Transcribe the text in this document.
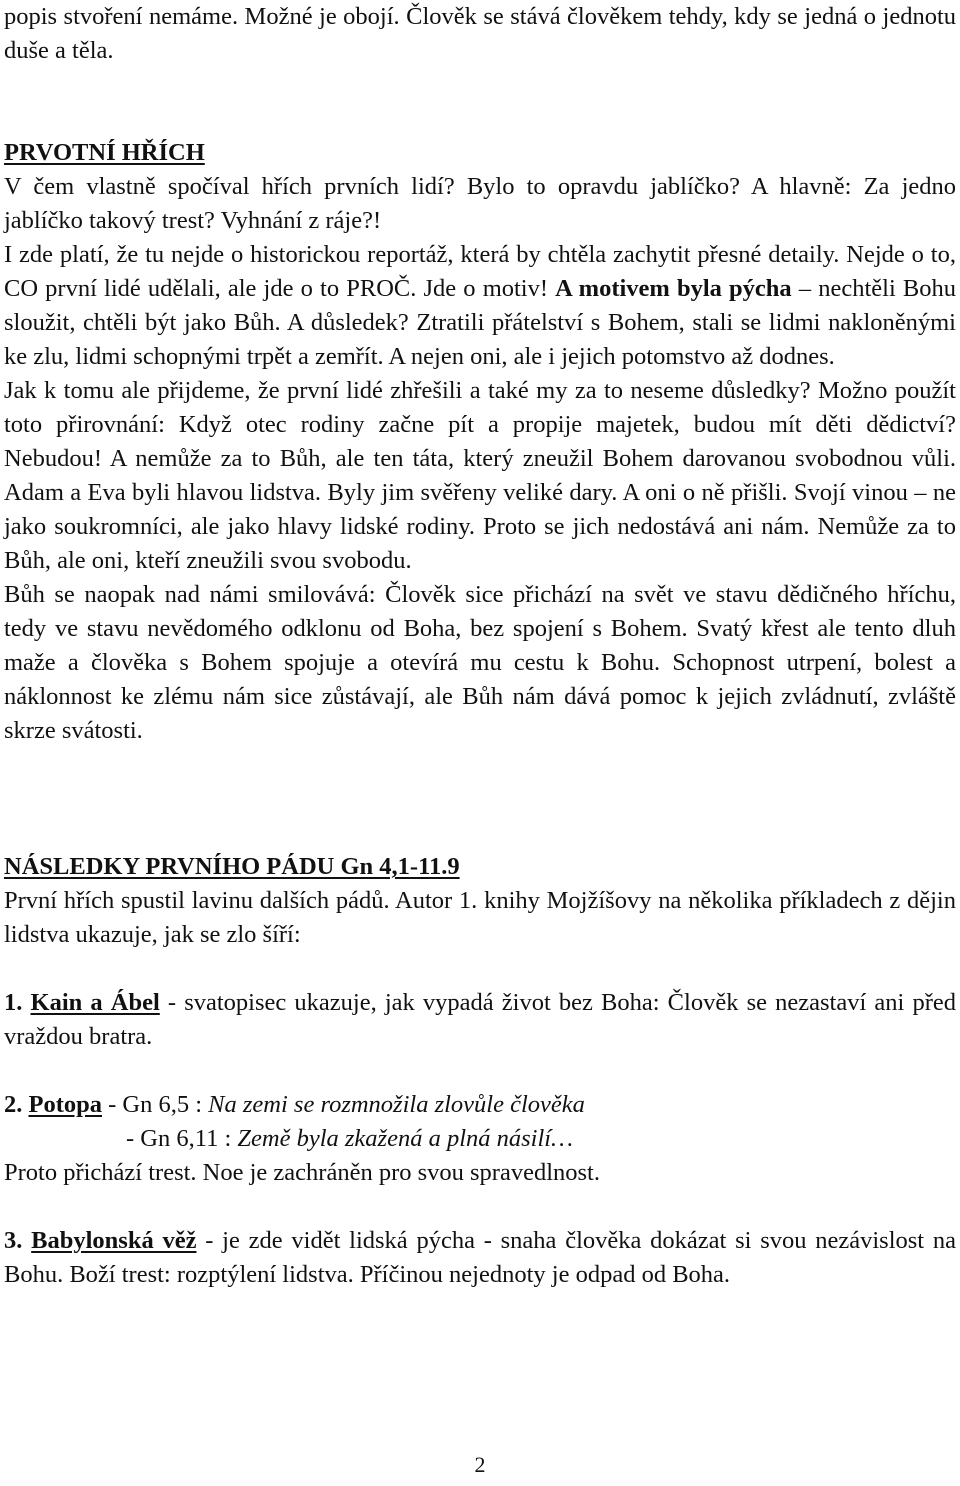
popis stvoření nemáme. Možné je obojí. Člověk se stává člověkem tehdy, kdy se jedná o jednotu duše a těla.

PRVOTNÍ HŘÍCH

V čem vlastně spočíval hřích prvních lidí? Bylo to opravdu jablíčko? A hlavně: Za jedno jablíčko takový trest? Vyhnání z ráje?!

I zde platí, že tu nejde o historickou reportáž, která by chtěla zachytit přesné detaily. Nejde o to, CO první lidé udělali, ale jde o to PROČ. Jde o motiv! A motivem byla pýcha – nechtěli Bohu sloužit, chtěli být jako Bůh. A důsledek? Ztratili přátelství s Bohem, stali se lidmi nakloněnými ke zlu, lidmi schopnými trpět a zemřít. A nejen oni, ale i jejich potomstvo až dodnes.

Jak k tomu ale přijdeme, že první lidé zhřešili a také my za to neseme důsledky? Možno použít toto přirovnání: Když otec rodiny začne pít a propije majetek, budou mít děti dědictví? Nebudou! A nemůže za to Bůh, ale ten táta, který zneužil Bohem darovanou svobodnou vůli. Adam a Eva byli hlavou lidstva. Byly jim svěřeny veliké dary. A oni o ně přišli. Svojí vinou – ne jako soukromníci, ale jako hlavy lidské rodiny. Proto se jich nedostává ani nám. Nemůže za to Bůh, ale oni, kteří zneužili svou svobodu.

Bůh se naopak nad námi smilovává: Člověk sice přichází na svět ve stavu dědičného hříchu, tedy ve stavu nevědomého odklonu od Boha, bez spojení s Bohem. Svatý křest ale tento dluh maže a člověka s Bohem spojuje a otevírá mu cestu k Bohu. Schopnost utrpení, bolest a náklonnost ke zlému nám sice zůstávají, ale Bůh nám dává pomoc k jejich zvládnutí, zvláště skrze svátosti.

NÁSLEDKY PRVNÍHO PÁDU Gn 4,1-11.9

První hřích spustil lavinu dalších pádů. Autor 1. knihy Mojžíšovy na několika příkladech z dějin lidstva ukazuje, jak se zlo šíří:

1. Kain a Ábel - svatopisec ukazuje, jak vypadá život bez Boha: Člověk se nezastaví ani před vraždou bratra.

2. Potopa - Gn 6,5 : Na zemi se rozmnožila zlovůle člověka

- Gn 6,11 : Země byla zkažená a plná násilí…

Proto přichází trest. Noe je zachráněn pro svou spravedlnost.

3. Babylonská věž - je zde vidět lidská pýcha - snaha člověka dokázat si svou nezávislost na Bohu. Boží trest: rozptýlení lidstva. Příčinou nejednoty je odpad od Boha.

2
